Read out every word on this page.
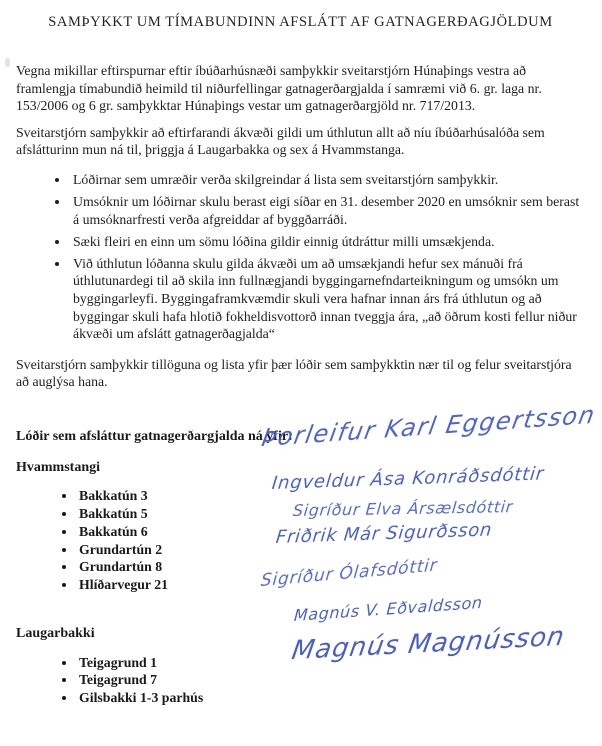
SAMÞYKKT UM TÍMABUNDINN AFSLÁTT AF GATNAGERÐAGJÖLDUM

Vegna mikillar eftirspurnar eftir íbúðarhúsnæði samþykkir sveitarstjórn Húnaþings vestra að framlengja tímabundið heimild til niðurfellingar gatnagerðargjalda í samræmi við 6. gr. laga nr. 153/2006 og 6 gr. samþykktar Húnaþings vestar um gatnagerðargjöld nr. 717/2013.

Sveitarstjórn samþykkir að eftirfarandi ákvæði gildi um úthlutun allt að níu íbúðarhúsalóða sem afslátturinn mun ná til, þriggja á Laugarbakka og sex á Hvammstanga.

• Lóðirnar sem umræðir verða skilgreindar á lista sem sveitarstjórn samþykkir.
• Umsóknir um lóðirnar skulu berast eigi síðar en 31. desember 2020 en umsóknir sem berast á umsóknarfresti verða afgreiddar af byggðarráði.
• Sæki fleiri en einn um sömu lóðina gildir einnig útdráttur milli umsækjenda.
• Við úthlutun lóðanna skulu gilda ákvæði um að umsækjandi hefur sex mánuði frá úthlutunardegi til að skila inn fullnægjandi byggingarnefndarteikningum og umsókn um byggingarleyfi. Byggingaframkvæmdir skuli vera hafnar innan árs frá úthlutun og að byggingar skuli hafa hlotið fokheldisvottorð innan tveggja ára, „að öðrum kosti fellur niður ákvæði um afslátt gatnagerðagjalda“

Sveitarstjórn samþykkir tillöguna og lista yfir þær lóðir sem samþykktin nær til og felur sveitarstjóra að auglýsa hana.

Lóðir sem afsláttur gatnagerðargjalda ná yfir:
Hvammstangi
• Bakkatún 3
• Bakkatún 5
• Bakkatún 6
• Grundartún 2
• Grundartún 8
• Hlíðarvegur 21
Laugarbakki
• Teigagrund 1
• Teigagrund 7
• Gilsbakki 1-3 parhús
Þorleifur Karl Eggertsson
Ingveldur Ása Konráðsdóttir
Sigríður Elva Ársælsdóttir
Friðrik Már Sigurðsson
Sigríður Ólafsdóttir
Magnús V. Eðvaldsson
Magnús Magnússon
